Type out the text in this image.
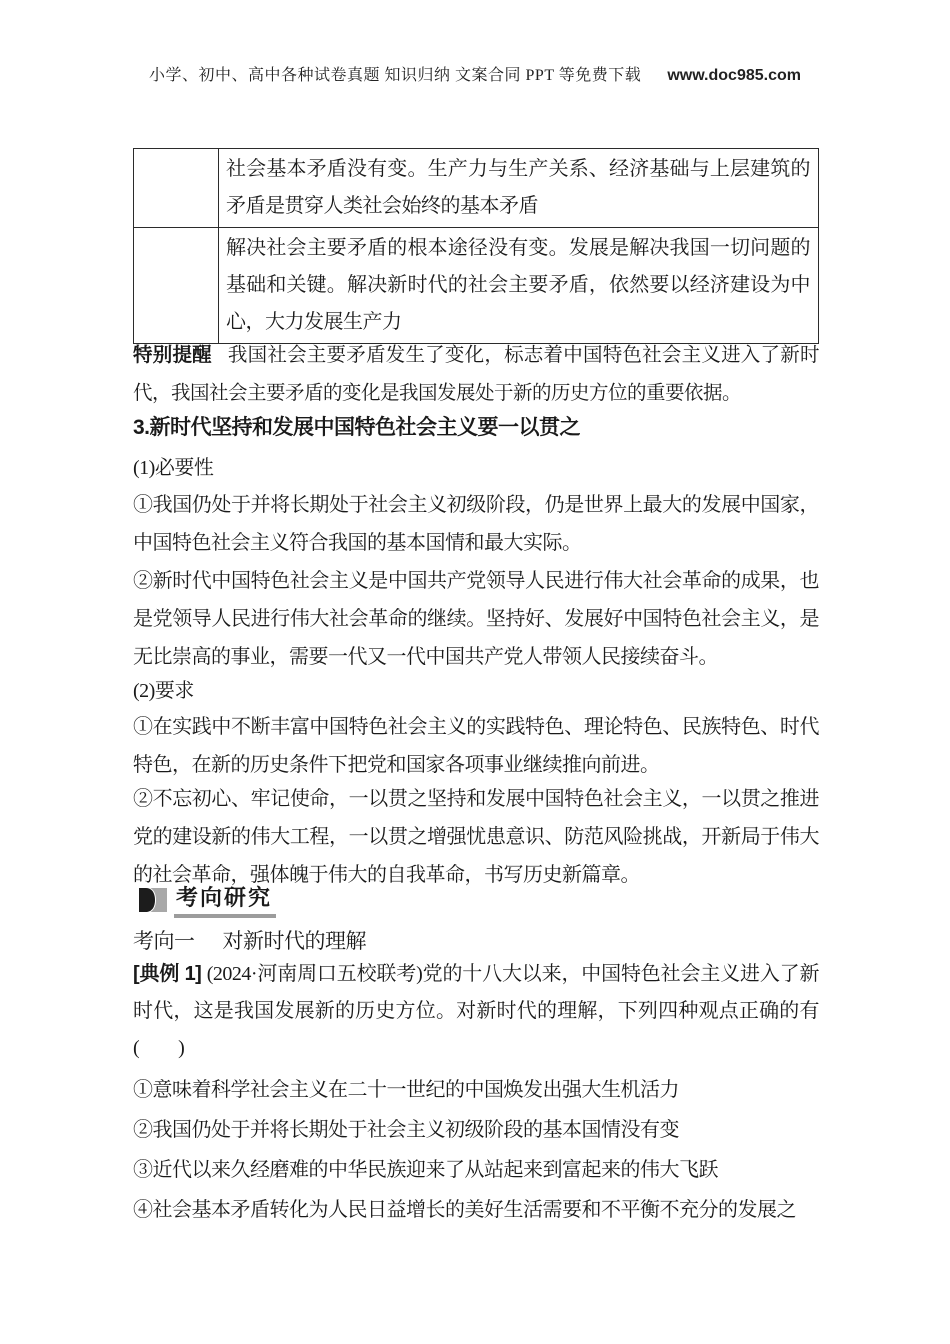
小学、初中、高中各种试卷真题 知识归纳 文案合同 PPT 等免费下载 www.doc985.com
	社会基本矛盾没有变。生产力与生产关系、经济基础与上层建筑的矛盾是贯穿人类社会始终的基本矛盾
	解决社会主要矛盾的根本途径没有变。发展是解决我国一切问题的基础和关键。解决新时代的社会主要矛盾，依然要以经济建设为中心，大力发展生产力
特别提醒 我国社会主要矛盾发生了变化，标志着中国特色社会主义进入了新时代，我国社会主要矛盾的变化是我国发展处于新的历史方位的重要依据。
3.新时代坚持和发展中国特色社会主义要一以贯之
(1)必要性
①我国仍处于并将长期处于社会主义初级阶段，仍是世界上最大的发展中国家，中国特色社会主义符合我国的基本国情和最大实际。
②新时代中国特色社会主义是中国共产党领导人民进行伟大社会革命的成果，也是党领导人民进行伟大社会革命的继续。坚持好、发展好中国特色社会主义，是无比崇高的事业，需要一代又一代中国共产党人带领人民接续奋斗。
(2)要求
①在实践中不断丰富中国特色社会主义的实践特色、理论特色、民族特色、时代特色，在新的历史条件下把党和国家各项事业继续推向前进。
②不忘初心、牢记使命，一以贯之坚持和发展中国特色社会主义，一以贯之推进党的建设新的伟大工程，一以贯之增强忧患意识、防范风险挑战，开新局于伟大的社会革命，强体魄于伟大的自我革命，书写历史新篇章。
考向研究
考向一 对新时代的理解
[典例 1] (2024·河南周口五校联考)党的十八大以来，中国特色社会主义进入了新时代，这是我国发展新的历史方位。对新时代的理解，下列四种观点正确的有(　　)
①意味着科学社会主义在二十一世纪的中国焕发出强大生机活力
②我国仍处于并将长期处于社会主义初级阶段的基本国情没有变
③近代以来久经磨难的中华民族迎来了从站起来到富起来的伟大飞跃
④社会基本矛盾转化为人民日益增长的美好生活需要和不平衡不充分的发展之
